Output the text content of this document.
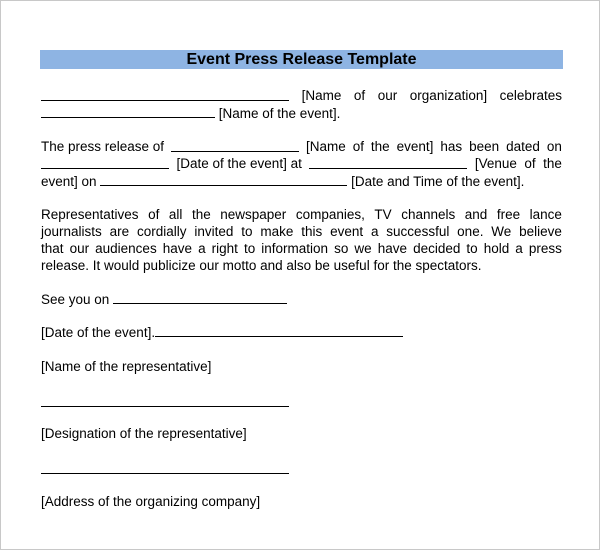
Event Press Release Template
[Name of our organization] celebrates
[Name of the event].
The press release of	[Name of the event] has been dated on
[Date of the event] at	[Venue of the
event] on	[Date and Time of the event].
Representatives of all the newspaper companies, TV channels and free lance
journalists are cordially invited to make this event a successful one. We believe
that our audiences have a right to information so we have decided to hold a press
release. It would publicize our motto and also be useful for the spectators.
See you on
[Date of the event].
[Name of the representative]
[Designation of the representative]
[Address of the organizing company]
